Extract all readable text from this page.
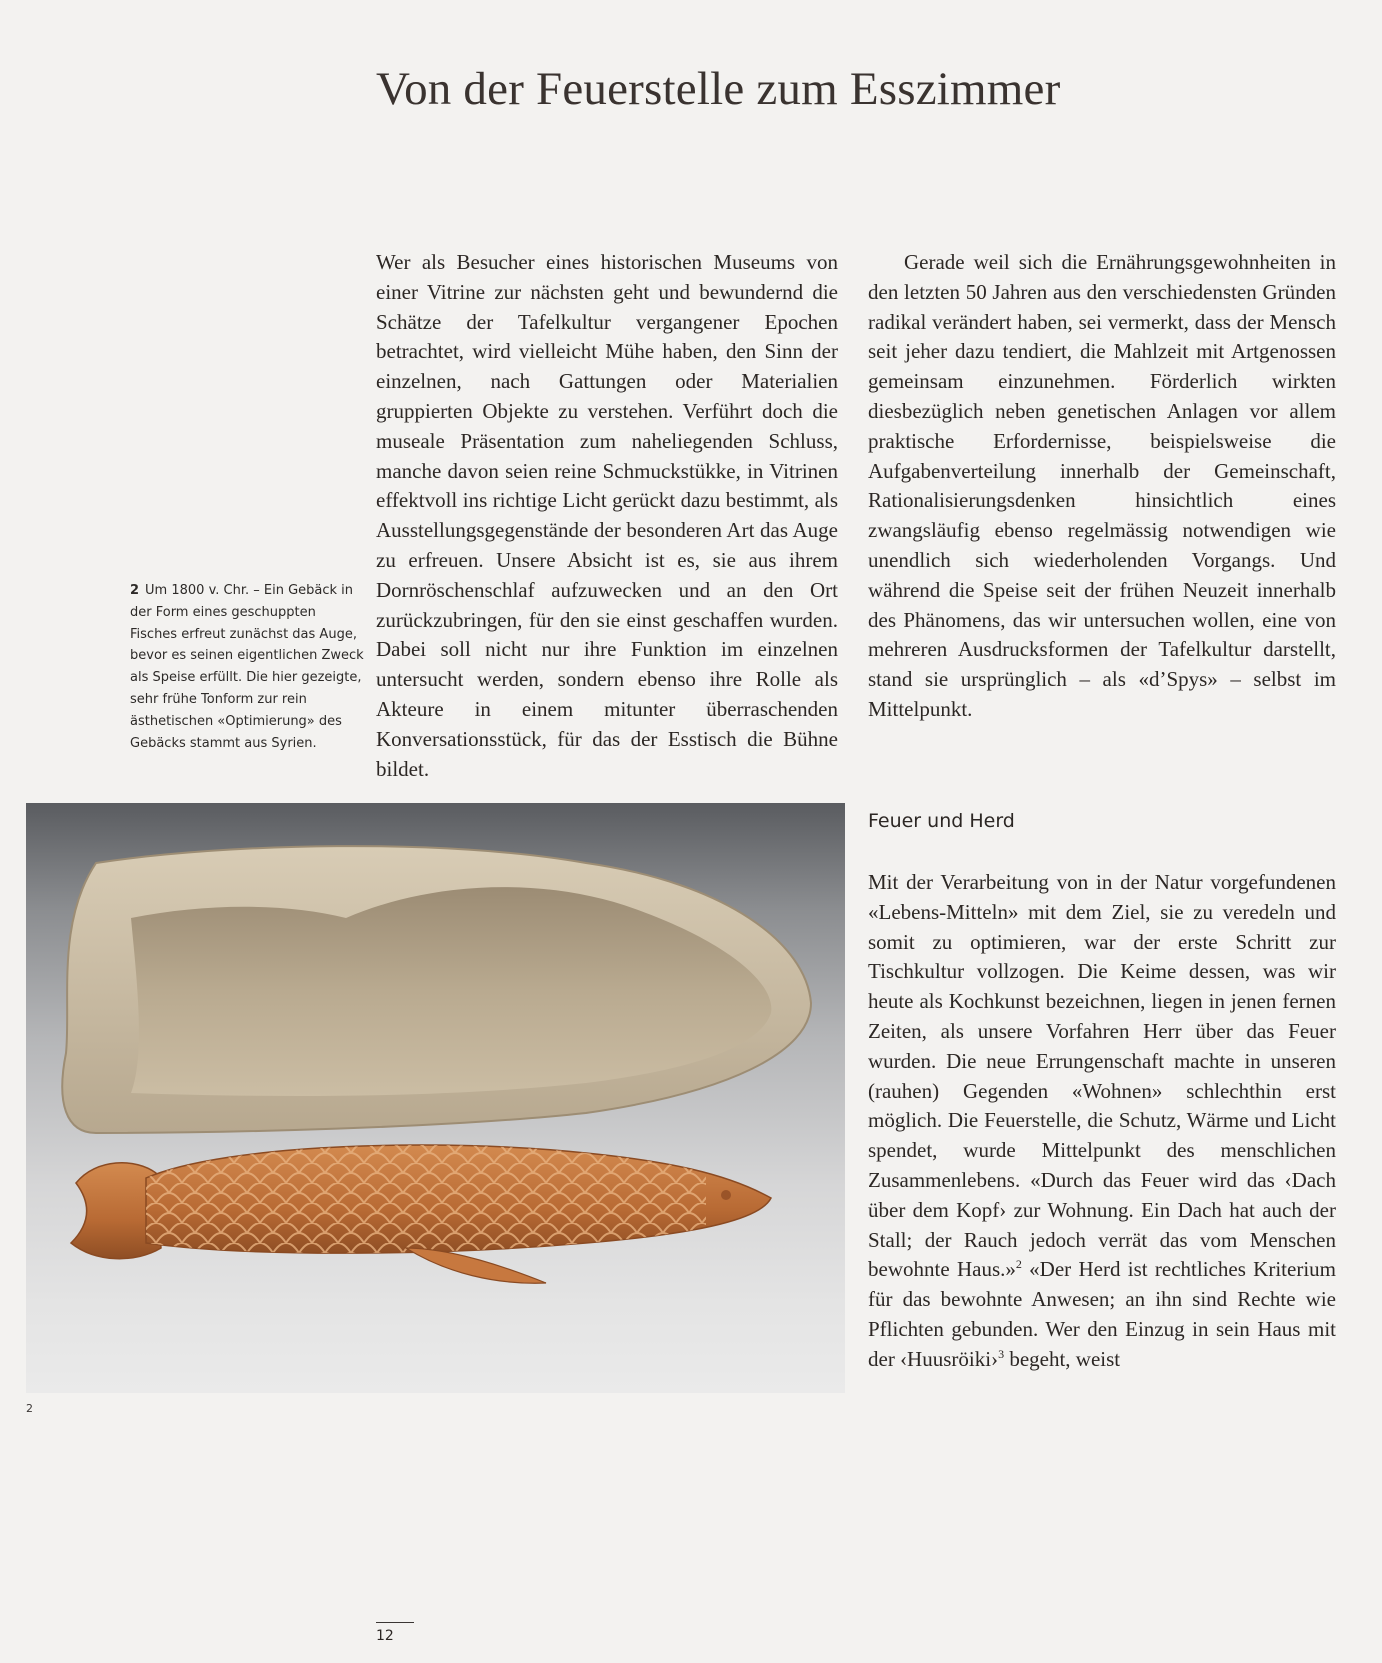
Von der Feuerstelle zum Esszimmer
2 Um 1800 v. Chr. – Ein Gebäck in der Form eines geschuppten Fisches erfreut zunächst das Auge, bevor es seinen eigentlichen Zweck als Speise erfüllt. Die hier gezeigte, sehr frühe Tonform zur rein ästhetischen «Optimierung» des Gebäcks stammt aus Syrien.

Wer als Besucher eines historischen Museums von einer Vitrine zur nächsten geht und bewundernd die Schätze der Tafelkultur vergangener Epochen betrachtet, wird vielleicht Mühe haben, den Sinn der einzelnen, nach Gattungen oder Materialien gruppierten Objekte zu verstehen. Verführt doch die museale Präsentation zum naheliegenden Schluss, manche davon seien reine Schmuckstükke, in Vitrinen effektvoll ins richtige Licht gerückt dazu bestimmt, als Ausstellungsgegenstände der besonderen Art das Auge zu erfreuen. Unsere Absicht ist es, sie aus ihrem Dornröschenschlaf aufzuwecken und an den Ort zurückzubringen, für den sie einst geschaffen wurden. Dabei soll nicht nur ihre Funktion im einzelnen untersucht werden, sondern ebenso ihre Rolle als Akteure in einem mitunter überraschenden Konversationsstück, für das der Esstisch die Bühne bildet.

Gerade weil sich die Ernährungsgewohnheiten in den letzten 50 Jahren aus den verschiedensten Gründen radikal verändert haben, sei vermerkt, dass der Mensch seit jeher dazu tendiert, die Mahlzeit mit Artgenossen gemeinsam einzunehmen. Förderlich wirkten diesbezüglich neben genetischen Anlagen vor allem praktische Erfordernisse, beispielsweise die Aufgabenverteilung innerhalb der Gemeinschaft, Rationalisierungsdenken hinsichtlich eines zwangsläufig ebenso regelmässig notwendigen wie unendlich sich wiederholenden Vorgangs. Und während die Speise seit der frühen Neuzeit innerhalb des Phänomens, das wir untersuchen wollen, eine von mehreren Ausdrucksformen der Tafelkultur darstellt, stand sie ursprünglich – als «d’Spys» – selbst im Mittelpunkt.

Feuer und Herd

Mit der Verarbeitung von in der Natur vorgefundenen «Lebens-Mitteln» mit dem Ziel, sie zu veredeln und somit zu optimieren, war der erste Schritt zur Tischkultur vollzogen. Die Keime dessen, was wir heute als Kochkunst bezeichnen, liegen in jenen fernen Zeiten, als unsere Vorfahren Herr über das Feuer wurden. Die neue Errungenschaft machte in unseren (rauhen) Gegenden «Wohnen» schlechthin erst möglich. Die Feuerstelle, die Schutz, Wärme und Licht spendet, wurde Mittelpunkt des menschlichen Zusammenlebens. «Durch das Feuer wird das ‹Dach über dem Kopf› zur Wohnung. Ein Dach hat auch der Stall; der Rauch jedoch verrät das vom Menschen bewohnte Haus.»$^2$ «Der Herd ist rechtliches Kriterium für das bewohnte Anwesen; an ihn sind Rechte wie Pflichten gebunden. Wer den Einzug in sein Haus mit der ‹Huusröiki›$^3$ begeht, weist

2
12
